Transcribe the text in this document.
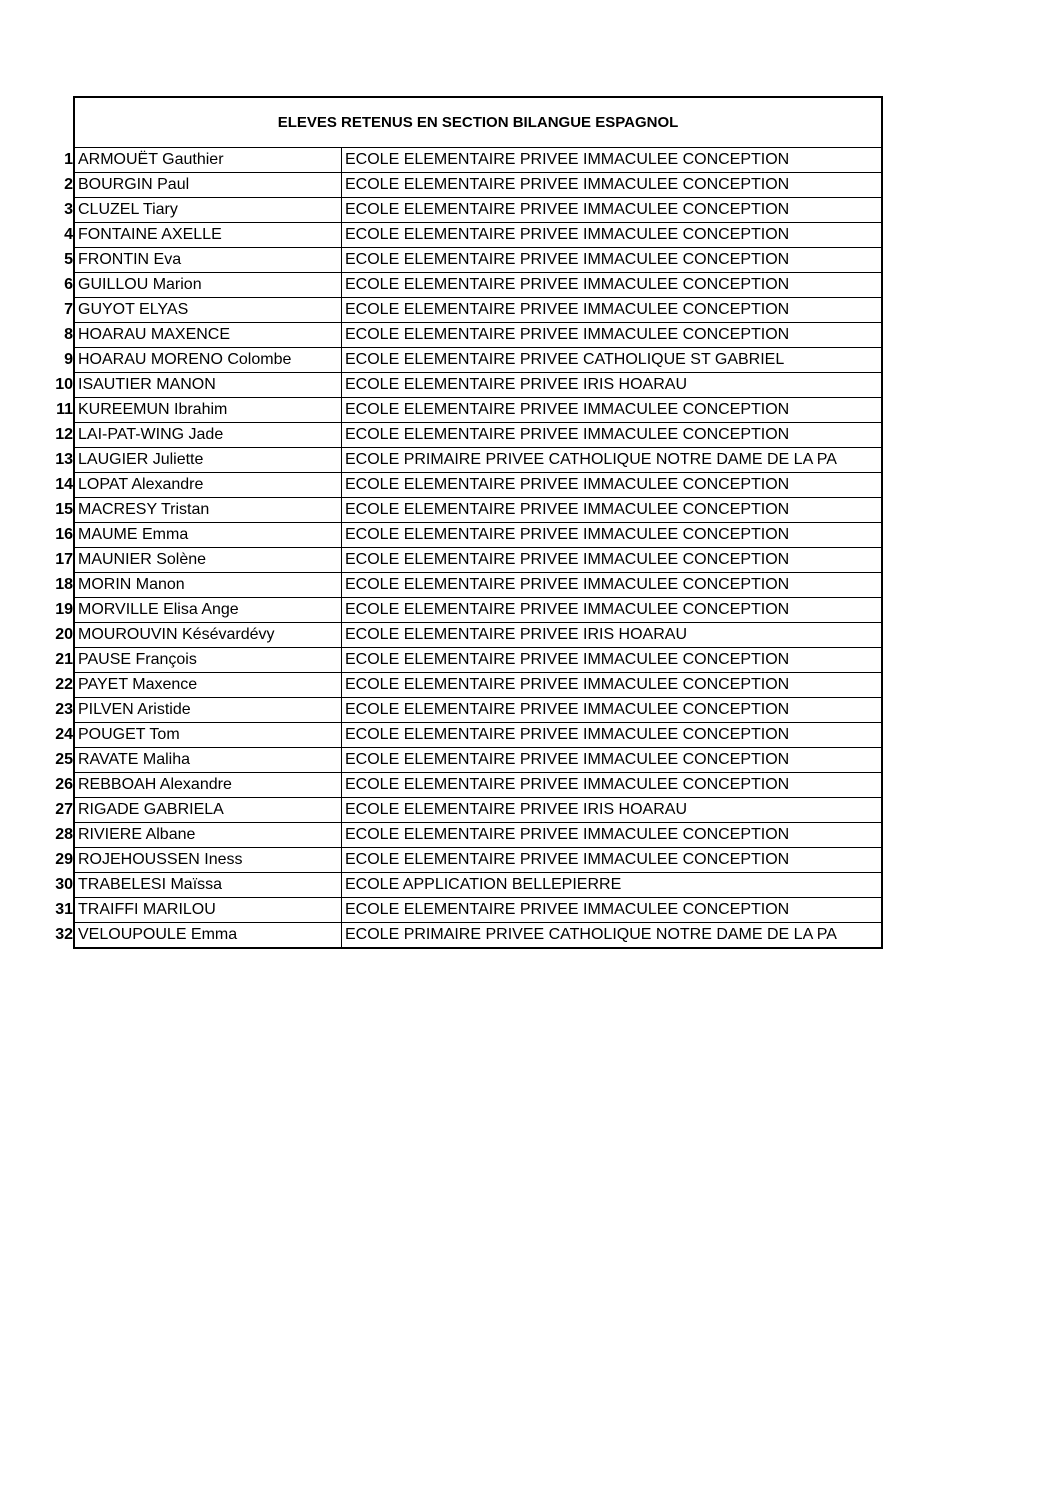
	ELEVES RETENUS EN SECTION BILANGUE ESPAGNOL	
1	ARMOUËT Gauthier	ECOLE ELEMENTAIRE PRIVEE IMMACULEE CONCEPTION
2	BOURGIN Paul	ECOLE ELEMENTAIRE PRIVEE IMMACULEE CONCEPTION
3	CLUZEL Tiary	ECOLE ELEMENTAIRE PRIVEE IMMACULEE CONCEPTION
4	FONTAINE AXELLE	ECOLE ELEMENTAIRE PRIVEE IMMACULEE CONCEPTION
5	FRONTIN Eva	ECOLE ELEMENTAIRE PRIVEE IMMACULEE CONCEPTION
6	GUILLOU Marion	ECOLE ELEMENTAIRE PRIVEE IMMACULEE CONCEPTION
7	GUYOT ELYAS	ECOLE ELEMENTAIRE PRIVEE IMMACULEE CONCEPTION
8	HOARAU MAXENCE	ECOLE ELEMENTAIRE PRIVEE IMMACULEE CONCEPTION
9	HOARAU MORENO Colombe	ECOLE ELEMENTAIRE PRIVEE CATHOLIQUE ST GABRIEL
10	ISAUTIER MANON	ECOLE ELEMENTAIRE PRIVEE IRIS HOARAU
11	KUREEMUN Ibrahim	ECOLE ELEMENTAIRE PRIVEE IMMACULEE CONCEPTION
12	LAI-PAT-WING Jade	ECOLE ELEMENTAIRE PRIVEE IMMACULEE CONCEPTION
13	LAUGIER Juliette	ECOLE PRIMAIRE PRIVEE CATHOLIQUE NOTRE DAME DE LA PA
14	LOPAT Alexandre	ECOLE ELEMENTAIRE PRIVEE IMMACULEE CONCEPTION
15	MACRESY Tristan	ECOLE ELEMENTAIRE PRIVEE IMMACULEE CONCEPTION
16	MAUME Emma	ECOLE ELEMENTAIRE PRIVEE IMMACULEE CONCEPTION
17	MAUNIER Solène	ECOLE ELEMENTAIRE PRIVEE IMMACULEE CONCEPTION
18	MORIN Manon	ECOLE ELEMENTAIRE PRIVEE IMMACULEE CONCEPTION
19	MORVILLE Elisa Ange	ECOLE ELEMENTAIRE PRIVEE IMMACULEE CONCEPTION
20	MOUROUVIN Késévardévy	ECOLE ELEMENTAIRE PRIVEE IRIS HOARAU
21	PAUSE François	ECOLE ELEMENTAIRE PRIVEE IMMACULEE CONCEPTION
22	PAYET Maxence	ECOLE ELEMENTAIRE PRIVEE IMMACULEE CONCEPTION
23	PILVEN Aristide	ECOLE ELEMENTAIRE PRIVEE IMMACULEE CONCEPTION
24	POUGET Tom	ECOLE ELEMENTAIRE PRIVEE IMMACULEE CONCEPTION
25	RAVATE Maliha	ECOLE ELEMENTAIRE PRIVEE IMMACULEE CONCEPTION
26	REBBOAH Alexandre	ECOLE ELEMENTAIRE PRIVEE IMMACULEE CONCEPTION
27	RIGADE GABRIELA	ECOLE ELEMENTAIRE PRIVEE IRIS HOARAU
28	RIVIERE Albane	ECOLE ELEMENTAIRE PRIVEE IMMACULEE CONCEPTION
29	ROJEHOUSSEN Iness	ECOLE ELEMENTAIRE PRIVEE IMMACULEE CONCEPTION
30	TRABELESI Maïssa	ECOLE APPLICATION BELLEPIERRE
31	TRAIFFI MARILOU	ECOLE ELEMENTAIRE PRIVEE IMMACULEE CONCEPTION
32	VELOUPOULE Emma	ECOLE PRIMAIRE PRIVEE CATHOLIQUE NOTRE DAME DE LA PA
